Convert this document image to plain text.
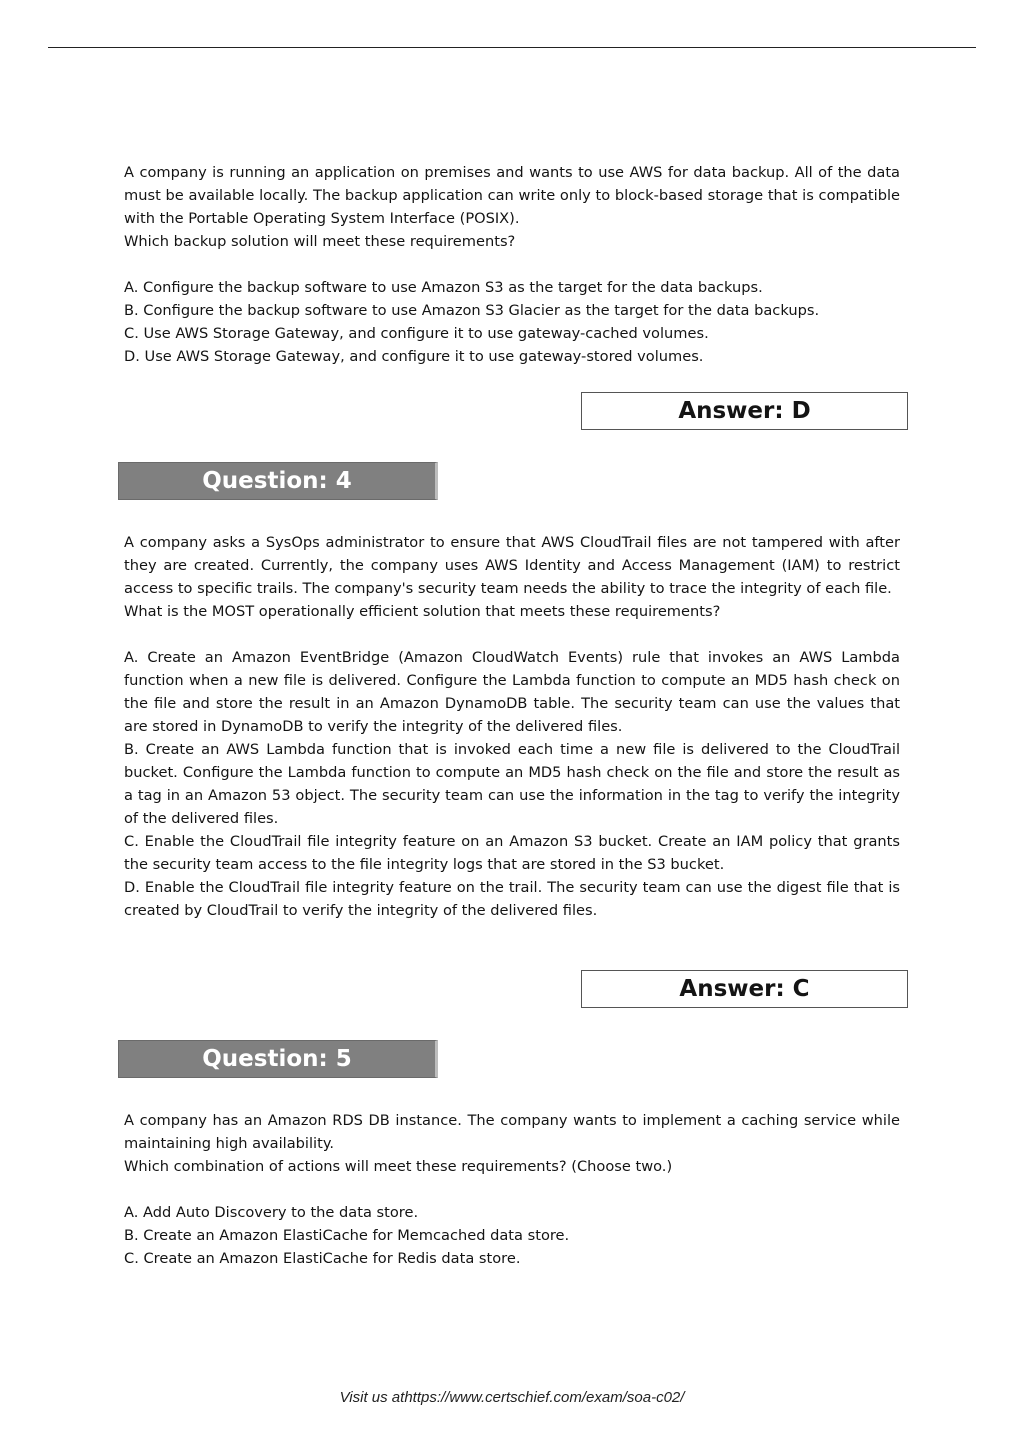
A company is running an application on premises and wants to use AWS for data backup. All of the data must be available locally. The backup application can write only to block-based storage that is compatible with the Portable Operating System Interface (POSIX).

Which backup solution will meet these requirements?

A. Configure the backup software to use Amazon S3 as the target for the data backups.

B. Configure the backup software to use Amazon S3 Glacier as the target for the data backups.

C. Use AWS Storage Gateway, and configure it to use gateway-cached volumes.

D. Use AWS Storage Gateway, and configure it to use gateway-stored volumes.

Answer: D
Question: 4

A company asks a SysOps administrator to ensure that AWS CloudTrail files are not tampered with after they are created. Currently, the company uses AWS Identity and Access Management (IAM) to restrict access to specific trails. The company's security team needs the ability to trace the integrity of each file.

What is the MOST operationally efficient solution that meets these requirements?

A. Create an Amazon EventBridge (Amazon CloudWatch Events) rule that invokes an AWS Lambda function when a new file is delivered. Configure the Lambda function to compute an MD5 hash check on the file and store the result in an Amazon DynamoDB table. The security team can use the values that are stored in DynamoDB to verify the integrity of the delivered files.

B. Create an AWS Lambda function that is invoked each time a new file is delivered to the CloudTrail bucket. Configure the Lambda function to compute an MD5 hash check on the file and store the result as a tag in an Amazon 53 object. The security team can use the information in the tag to verify the integrity of the delivered files.

C. Enable the CloudTrail file integrity feature on an Amazon S3 bucket. Create an IAM policy that grants the security team access to the file integrity logs that are stored in the S3 bucket.

D. Enable the CloudTrail file integrity feature on the trail. The security team can use the digest file that is created by CloudTrail to verify the integrity of the delivered files.

Answer: C
Question: 5

A company has an Amazon RDS DB instance. The company wants to implement a caching service while maintaining high availability.

Which combination of actions will meet these requirements? (Choose two.)

A. Add Auto Discovery to the data store.

B. Create an Amazon ElastiCache for Memcached data store.

C. Create an Amazon ElastiCache for Redis data store.

Visit us athttps://www.certschief.com/exam/soa-c02/
